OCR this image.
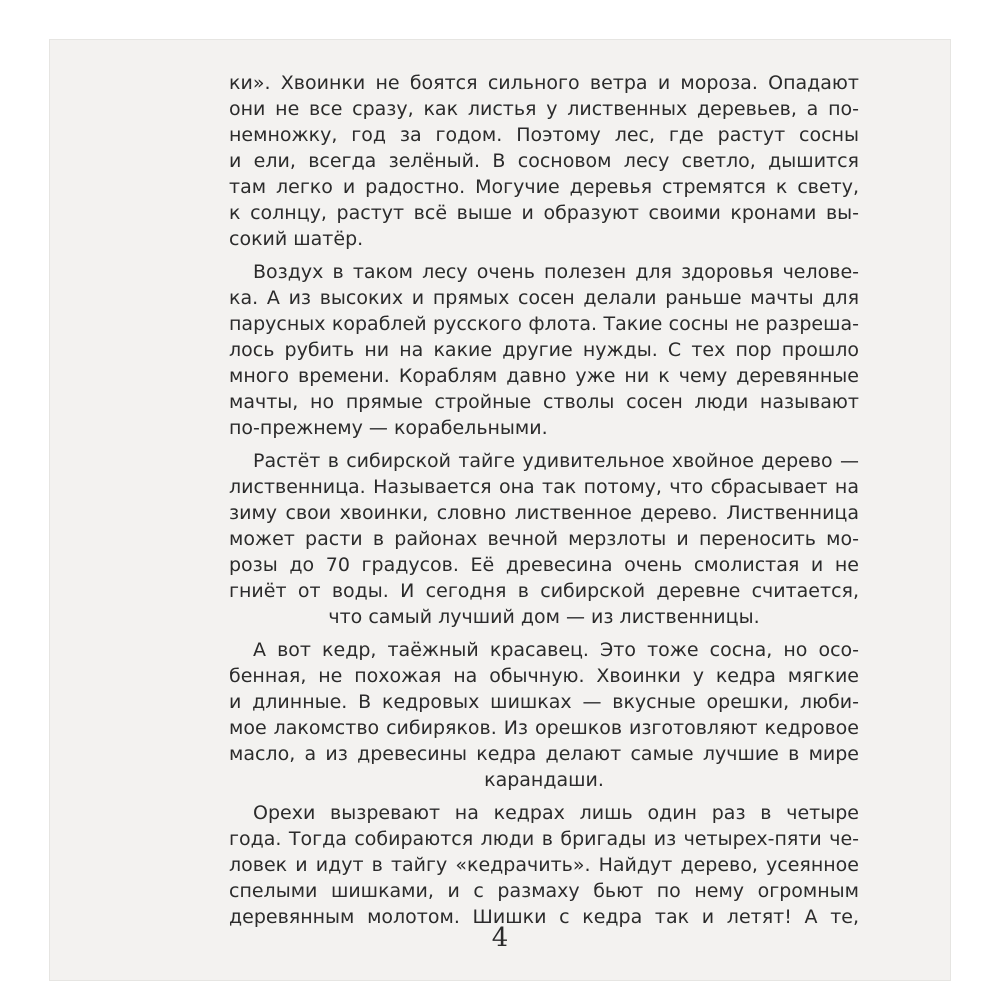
ки». Хвоинки не боятся сильного ветра и мороза. Опадают
они не все сразу, как листья у лиственных деревьев, а по-
немножку, год за годом. Поэтому лес, где растут сосны
и ели, всегда зелёный. В сосновом лесу светло, дышится
там легко и радостно. Могучие деревья стремятся к свету,
к солнцу, растут всё выше и образуют своими кронами вы-
сокий шатёр.

Воздух в таком лесу очень полезен для здоровья челове-
ка. А из высоких и прямых сосен делали раньше мачты для
парусных кораблей русского флота. Такие сосны не разреша-
лось рубить ни на какие другие нужды. С тех пор прошло
много времени. Кораблям давно уже ни к чему деревянные
мачты, но прямые стройные стволы сосен люди называют
по-прежнему — корабельными.

Растёт в сибирской тайге удивительное хвойное дерево —
лиственница. Называется она так потому, что сбрасывает на
зиму свои хвоинки, словно лиственное дерево. Лиственница
может расти в районах вечной мерзлоты и переносить мо-
розы до 70 градусов. Её древесина очень смолистая и не
гниёт от воды. И сегодня в сибирской деревне считается,
что самый лучший дом — из лиственницы.

А вот кедр, таёжный красавец. Это тоже сосна, но осо-
бенная, не похожая на обычную. Хвоинки у кедра мягкие
и длинные. В кедровых шишках — вкусные орешки, люби-
мое лакомство сибиряков. Из орешков изготовляют кедровое
масло, а из древесины кедра делают самые лучшие в мире
карандаши.

Орехи вызревают на кедрах лишь один раз в четыре
года. Тогда собираются люди в бригады из четырех-пяти че-
ловек и идут в тайгу «кедрачить». Найдут дерево, усеянное
спелыми шишками, и с размаху бьют по нему огромным
деревянным молотом. Шишки с кедра так и летят! А те,

4
